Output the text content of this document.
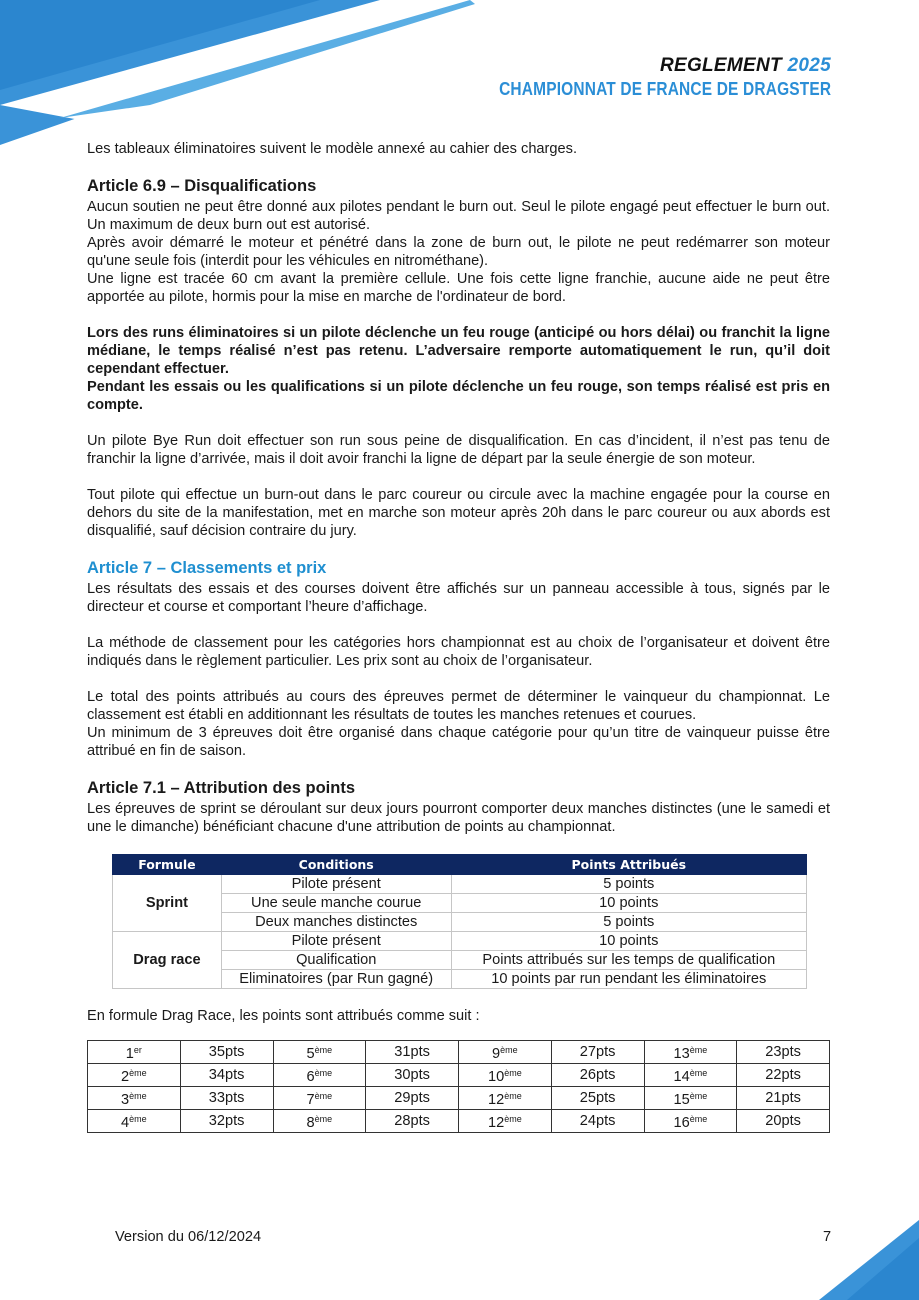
REGLEMENT 2025
CHAMPIONNAT DE FRANCE DE DRAGSTER

Les tableaux éliminatoires suivent le modèle annexé au cahier des charges.

Article 6.9 – Disqualifications

Aucun soutien ne peut être donné aux pilotes pendant le burn out. Seul le pilote engagé peut effectuer le burn out. Un maximum de deux burn out est autorisé.

Après avoir démarré le moteur et pénétré dans la zone de burn out, le pilote ne peut redémarrer son moteur qu'une seule fois (interdit pour les véhicules en nitrométhane).

Une ligne est tracée 60 cm avant la première cellule. Une fois cette ligne franchie, aucune aide ne peut être apportée au pilote, hormis pour la mise en marche de l'ordinateur de bord.

Lors des runs éliminatoires si un pilote déclenche un feu rouge (anticipé ou hors délai) ou franchit la ligne médiane, le temps réalisé n’est pas retenu. L’adversaire remporte automatiquement le run, qu’il doit cependant effectuer.

Pendant les essais ou les qualifications si un pilote déclenche un feu rouge, son temps réalisé est pris en compte.

Un pilote Bye Run doit effectuer son run sous peine de disqualification. En cas d’incident, il n’est pas tenu de franchir la ligne d’arrivée, mais il doit avoir franchi la ligne de départ par la seule énergie de son moteur.

Tout pilote qui effectue un burn-out dans le parc coureur ou circule avec la machine engagée pour la course en dehors du site de la manifestation, met en marche son moteur après 20h dans le parc coureur ou aux abords est disqualifié, sauf décision contraire du jury.

Article 7 – Classements et prix

Les résultats des essais et des courses doivent être affichés sur un panneau accessible à tous, signés par le directeur et course et comportant l’heure d’affichage.

La méthode de classement pour les catégories hors championnat est au choix de l’organisateur et doivent être indiqués dans le règlement particulier. Les prix sont au choix de l’organisateur.

Le total des points attribués au cours des épreuves permet de déterminer le vainqueur du championnat. Le classement est établi en additionnant les résultats de toutes les manches retenues et courues.

Un minimum de 3 épreuves doit être organisé dans chaque catégorie pour qu’un titre de vainqueur puisse être attribué en fin de saison.

Article 7.1 – Attribution des points

Les épreuves de sprint se déroulant sur deux jours pourront comporter deux manches distinctes (une le samedi et une le dimanche) bénéficiant chacune d'une attribution de points au championnat.

Formule	Conditions	Points Attribués
Sprint	Pilote présent	5 points
	Une seule manche courue	10 points
	Deux manches distinctes	5 points
Drag race	Pilote présent	10 points
	Qualification	Points attribués sur les temps de qualification
	Eliminatoires (par Run gagné)	10 points par run pendant les éliminatoires

En formule Drag Race, les points sont attribués comme suit :

1er	35pts	5ème	31pts	9ème	27pts	13ème	23pts
2ème	34pts	6ème	30pts	10ème	26pts	14ème	22pts
3ème	33pts	7ème	29pts	12ème	25pts	15ème	21pts
4ème	32pts	8ème	28pts	12ème	24pts	16ème	20pts
Version du 06/12/2024	7
